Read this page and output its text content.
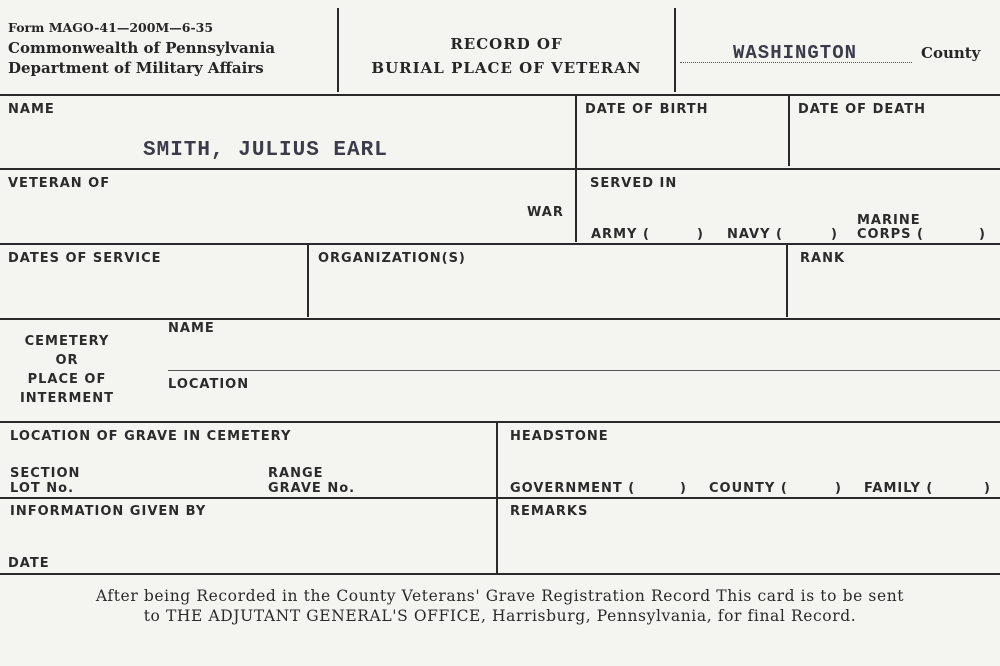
Form MAGO-41—200M—6-35
Commonwealth of Pennsylvania
Department of Military Affairs
RECORD OF
BURIAL PLACE OF VETERAN
WASHINGTON	County
NAME
SMITH, JULIUS EARL
DATE OF BIRTH	DATE OF DEATH
VETERAN OF
WAR
SERVED IN
ARMY (	) NAVY (	)
MARINE
CORPS (	)
DATES OF SERVICE	ORGANIZATION(S)	RANK
CEMETERY
OR
PLACE OF
INTERMENT
NAME
LOCATION
LOCATION OF GRAVE IN CEMETERY
SECTION
LOT No.
RANGE
GRAVE No.
HEADSTONE
GOVERNMENT (	) COUNTY (	) FAMILY (	)
INFORMATION GIVEN BY
DATE
REMARKS
After being Recorded in the County Veterans' Grave Registration Record This card is to be sent
to THE ADJUTANT GENERAL'S OFFICE, Harrisburg, Pennsylvania, for final Record.
